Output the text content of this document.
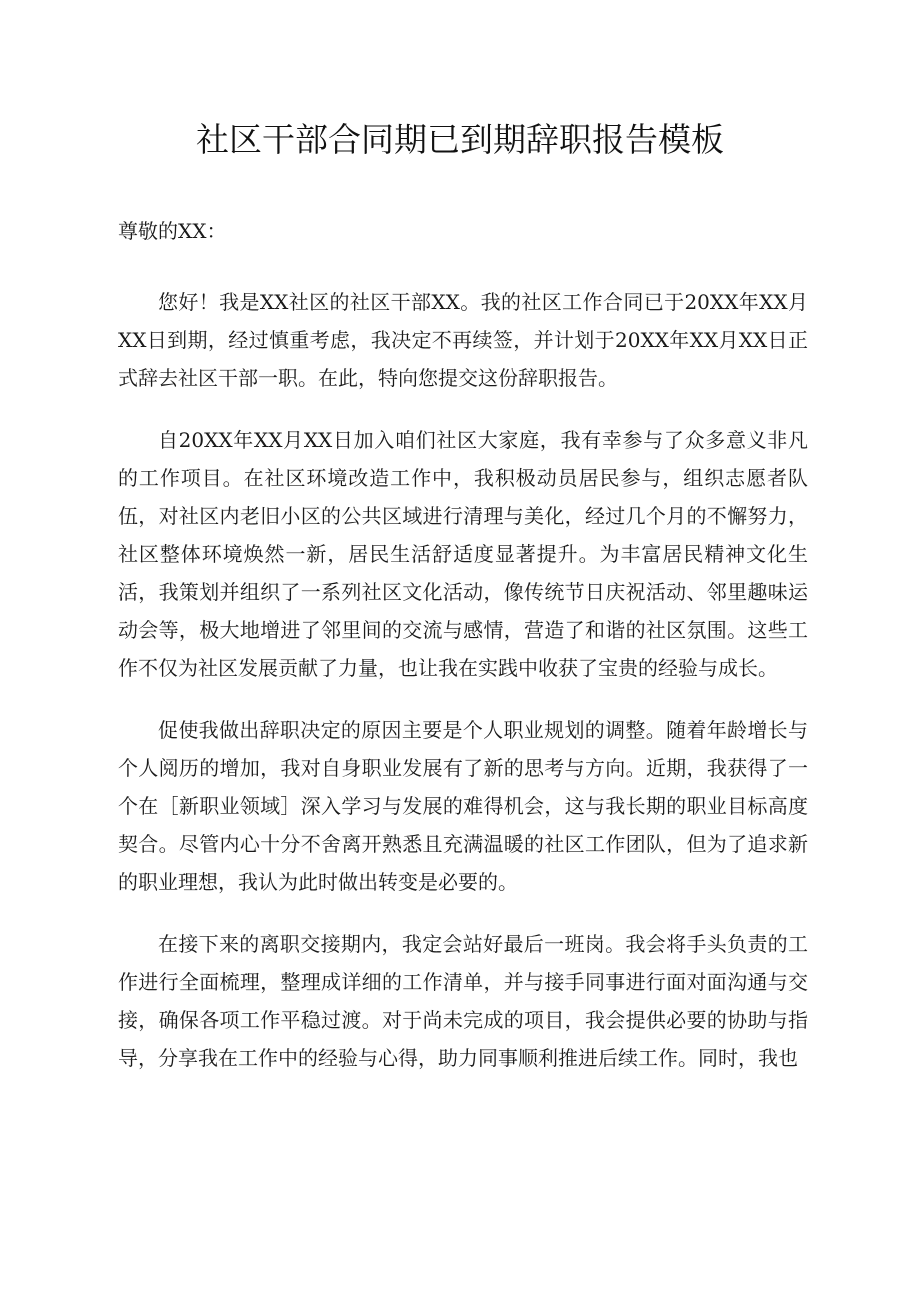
社区干部合同期已到期辞职报告模板

尊敬的XX：

您好！我是XX社区的社区干部XX。我的社区工作合同已于20XX年XX月XX日到期，经过慎重考虑，我决定不再续签，并计划于20XX年XX月XX日正式辞去社区干部一职。在此，特向您提交这份辞职报告。

自20XX年XX月XX日加入咱们社区大家庭，我有幸参与了众多意义非凡的工作项目。在社区环境改造工作中，我积极动员居民参与，组织志愿者队伍，对社区内老旧小区的公共区域进行清理与美化，经过几个月的不懈努力，社区整体环境焕然一新，居民生活舒适度显著提升。为丰富居民精神文化生活，我策划并组织了一系列社区文化活动，像传统节日庆祝活动、邻里趣味运动会等，极大地增进了邻里间的交流与感情，营造了和谐的社区氛围。这些工作不仅为社区发展贡献了力量，也让我在实践中收获了宝贵的经验与成长。

促使我做出辞职决定的原因主要是个人职业规划的调整。随着年龄增长与个人阅历的增加，我对自身职业发展有了新的思考与方向。近期，我获得了一个在［新职业领域］深入学习与发展的难得机会，这与我长期的职业目标高度契合。尽管内心十分不舍离开熟悉且充满温暖的社区工作团队，但为了追求新的职业理想，我认为此时做出转变是必要的。

在接下来的离职交接期内，我定会站好最后一班岗。我会将手头负责的工作进行全面梳理，整理成详细的工作清单，并与接手同事进行面对面沟通与交接，确保各项工作平稳过渡。对于尚未完成的项目，我会提供必要的协助与指导，分享我在工作中的经验与心得，助力同事顺利推进后续工作。同时，我也
